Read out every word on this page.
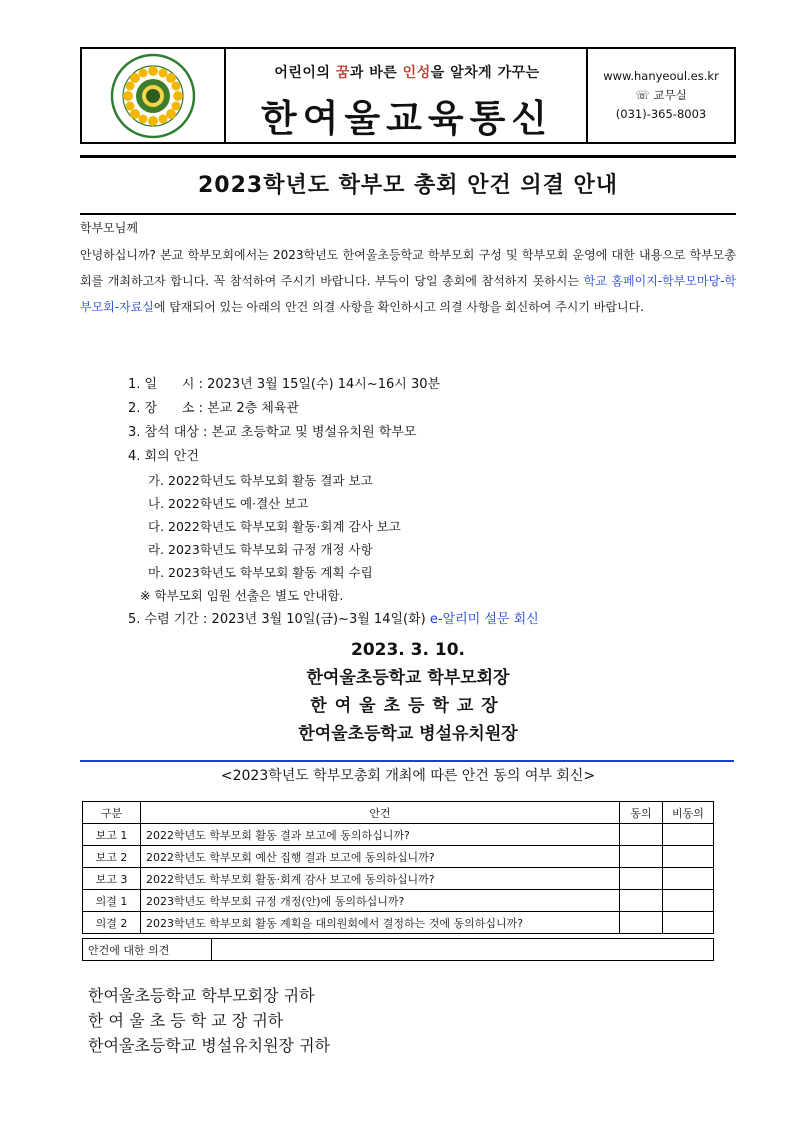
어린이의 꿈과 바른 인성을 알차게 가꾸는
한여울교육통신
www.hanyeoul.es.kr
☏ 교무실
(031)-365-8003
2023학년도 학부모 총회 안건 의결 안내
학부모님께
안녕하십니까? 본교 학부모회에서는 2023학년도 한여울초등학교 학부모회 구성 및 학부모회 운영에 대한 내용으로 학부모총회를 개최하고자 합니다. 꼭 참석하여 주시기 바랍니다. 부득이 당일 총회에 참석하지 못하시는 학교 홈페이지-학부모마당-학부모회-자료실에 탑재되어 있는 아래의 안건 의결 사항을 확인하시고 의결 사항을 회신하여 주시기 바랍니다.
1. 일      시 : 2023년 3월 15일(수) 14시~16시 30분
2. 장      소 : 본교 2층 체육관
3. 참석 대상 : 본교 초등학교 및 병설유치원 학부모
4. 회의 안건
가. 2022학년도 학부모회 활동 결과 보고
나. 2022학년도 예·결산 보고
다. 2022학년도 학부모회 활동·회계 감사 보고
라. 2023학년도 학부모회 규정 개정 사항
마. 2023학년도 학부모회 활동 계획 수립
※ 학부모회 임원 선출은 별도 안내함.
5. 수렴 기간 : 2023년 3월 10일(금)~3월 14일(화) e-알리미 설문 회신
2023. 3. 10.
한여울초등학교 학부모회장
한여울초등학교장
한여울초등학교 병설유치원장
<2023학년도 학부모총회 개최에 따른 안건 동의 여부 회신>
구분	안건	동의	비동의
보고 1	2022학년도 학부모회 활동 결과 보고에 동의하십니까?		
보고 2	2022학년도 학부모회 예산 집행 결과 보고에 동의하십니까?		
보고 3	2022학년도 학부모회 활동·회계 감사 보고에 동의하십니까?		
의결 1	2023학년도 학부모회 규정 개정(안)에 동의하십니까?		
의결 2	2023학년도 학부모회 활동 계획을 대의원회에서 결정하는 것에 동의하십니까?		
안건에 대한 의견	
한여울초등학교 학부모회장 귀하
한 여 울 초 등 학 교 장 귀하
한여울초등학교 병설유치원장 귀하
